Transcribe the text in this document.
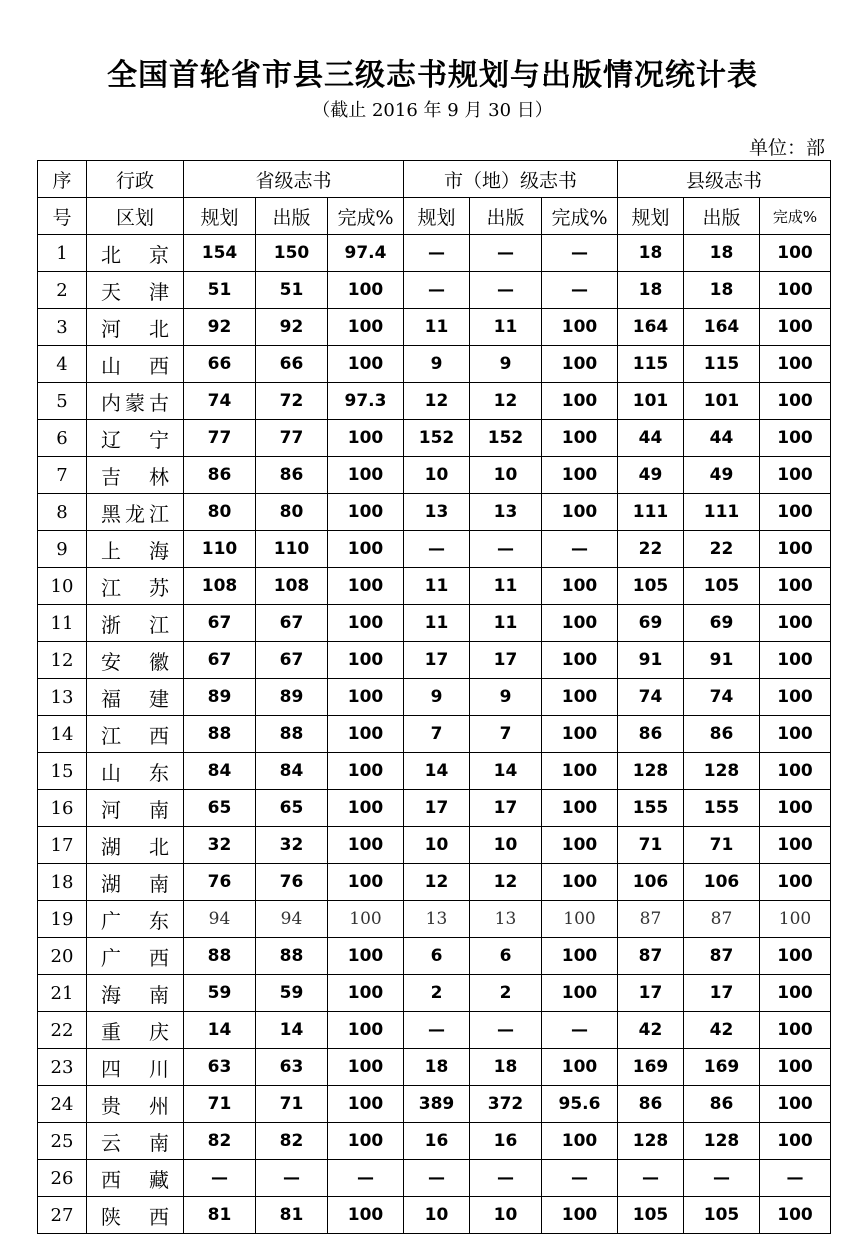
全国首轮省市县三级志书规划与出版情况统计表
（截止 2016 年 9 月 30 日）
单位：部
序	行政	省级志书			市（地）级志书			县级志书		
号	区划	规划	出版	完成%	规划	出版	完成%	规划	出版	完成%
1	北京	154	150	97.4	—	—	—	18	18	100
2	天津	51	51	100	—	—	—	18	18	100
3	河北	92	92	100	11	11	100	164	164	100
4	山西	66	66	100	9	9	100	115	115	100
5	内蒙古	74	72	97.3	12	12	100	101	101	100
6	辽宁	77	77	100	152	152	100	44	44	100
7	吉林	86	86	100	10	10	100	49	49	100
8	黑龙江	80	80	100	13	13	100	111	111	100
9	上海	110	110	100	—	—	—	22	22	100
10	江苏	108	108	100	11	11	100	105	105	100
11	浙江	67	67	100	11	11	100	69	69	100
12	安徽	67	67	100	17	17	100	91	91	100
13	福建	89	89	100	9	9	100	74	74	100
14	江西	88	88	100	7	7	100	86	86	100
15	山东	84	84	100	14	14	100	128	128	100
16	河南	65	65	100	17	17	100	155	155	100
17	湖北	32	32	100	10	10	100	71	71	100
18	湖南	76	76	100	12	12	100	106	106	100
19	广东	94	94	100	13	13	100	87	87	100
20	广西	88	88	100	6	6	100	87	87	100
21	海南	59	59	100	2	2	100	17	17	100
22	重庆	14	14	100	—	—	—	42	42	100
23	四川	63	63	100	18	18	100	169	169	100
24	贵州	71	71	100	389	372	95.6	86	86	100
25	云南	82	82	100	16	16	100	128	128	100
26	西藏	—	—	—	—	—	—	—	—	—
27	陕西	81	81	100	10	10	100	105	105	100
